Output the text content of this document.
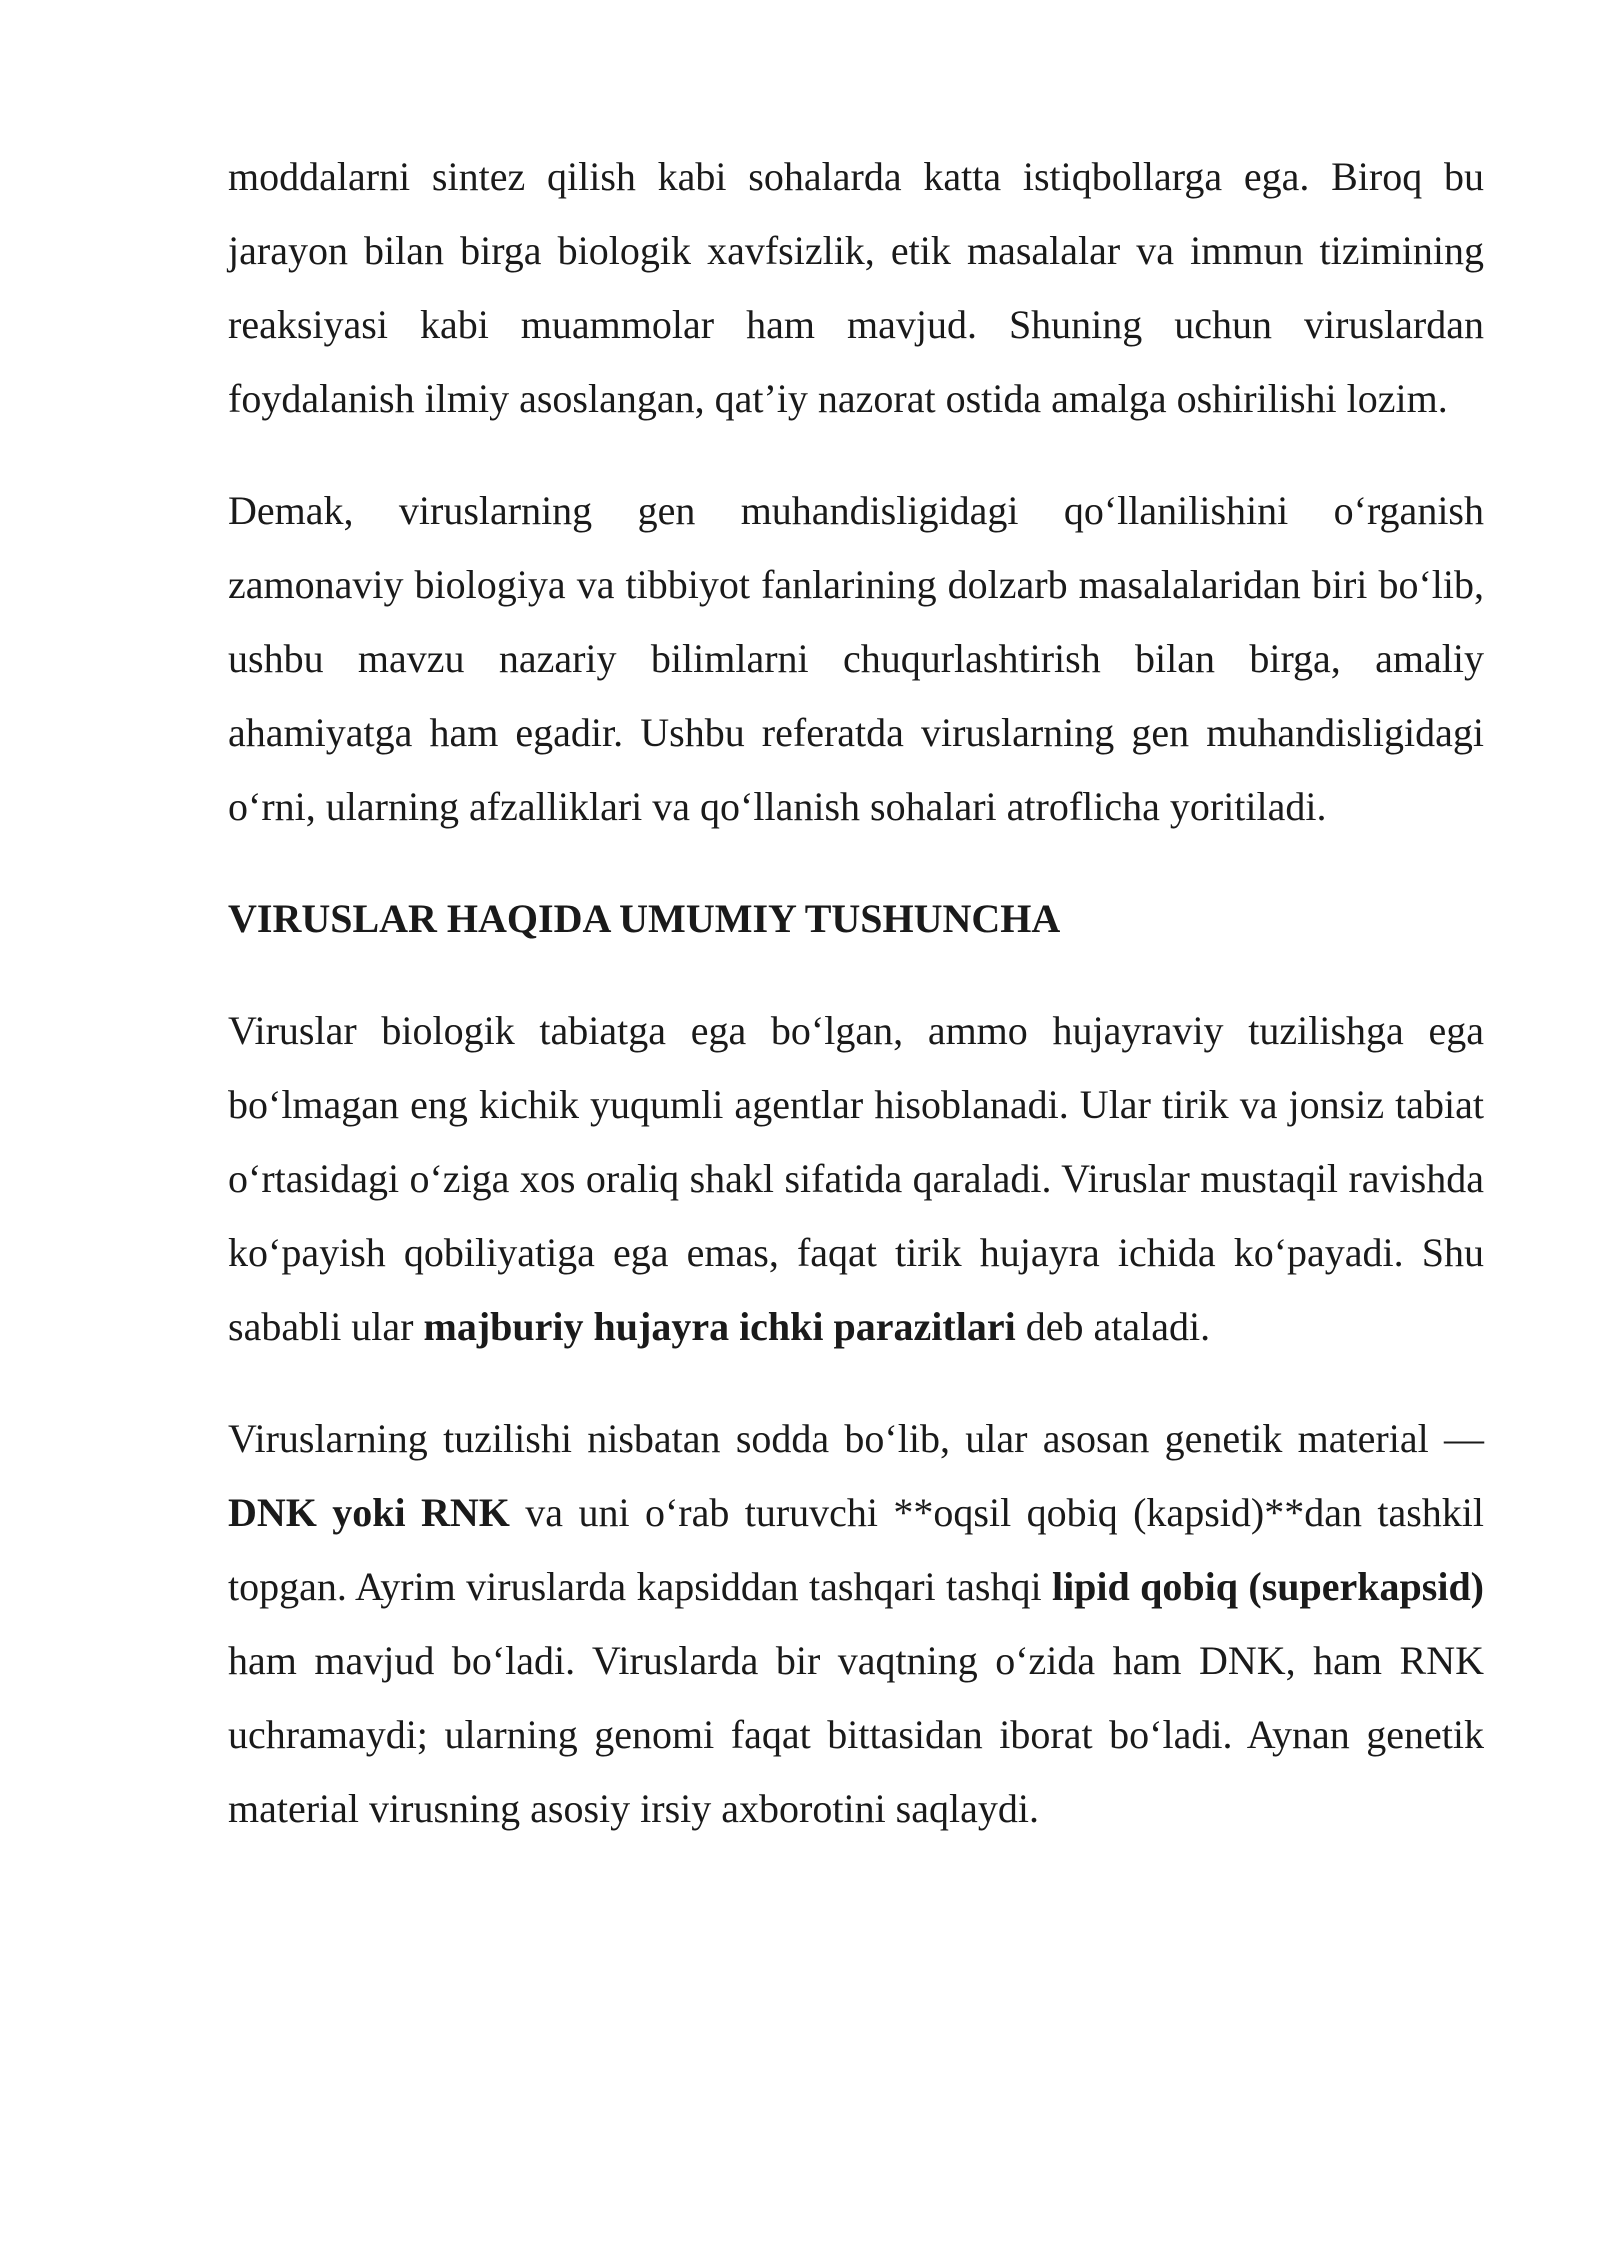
moddalarni sintez qilish kabi sohalarda katta istiqbollarga ega. Biroq bu jarayon bilan birga biologik xavfsizlik, etik masalalar va immun tizimining reaksiyasi kabi muammolar ham mavjud. Shuning uchun viruslardan foydalanish ilmiy asoslangan, qat’iy nazorat ostida amalga oshirilishi lozim.

Demak, viruslarning gen muhandisligidagi qo‘llanilishini o‘rganish zamonaviy biologiya va tibbiyot fanlarining dolzarb masalalaridan biri bo‘lib, ushbu mavzu nazariy bilimlarni chuqurlashtirish bilan birga, amaliy ahamiyatga ham egadir. Ushbu referatda viruslarning gen muhandisligidagi o‘rni, ularning afzalliklari va qo‘llanish sohalari atroflicha yoritiladi.

VIRUSLAR HAQIDA UMUMIY TUSHUNCHA

Viruslar biologik tabiatga ega bo‘lgan, ammo hujayraviy tuzilishga ega bo‘lmagan eng kichik yuqumli agentlar hisoblanadi. Ular tirik va jonsiz tabiat o‘rtasidagi o‘ziga xos oraliq shakl sifatida qaraladi. Viruslar mustaqil ravishda ko‘payish qobiliyatiga ega emas, faqat tirik hujayra ichida ko‘payadi. Shu sababli ular majburiy hujayra ichki parazitlari deb ataladi.

Viruslarning tuzilishi nisbatan sodda bo‘lib, ular asosan genetik material — DNK yoki RNK va uni o‘rab turuvchi **oqsil qobiq (kapsid)**dan tashkil topgan. Ayrim viruslarda kapsiddan tashqari tashqi lipid qobiq (superkapsid) ham mavjud bo‘ladi. Viruslarda bir vaqtning o‘zida ham DNK, ham RNK uchramaydi; ularning genomi faqat bittasidan iborat bo‘ladi. Aynan genetik material virusning asosiy irsiy axborotini saqlaydi.
